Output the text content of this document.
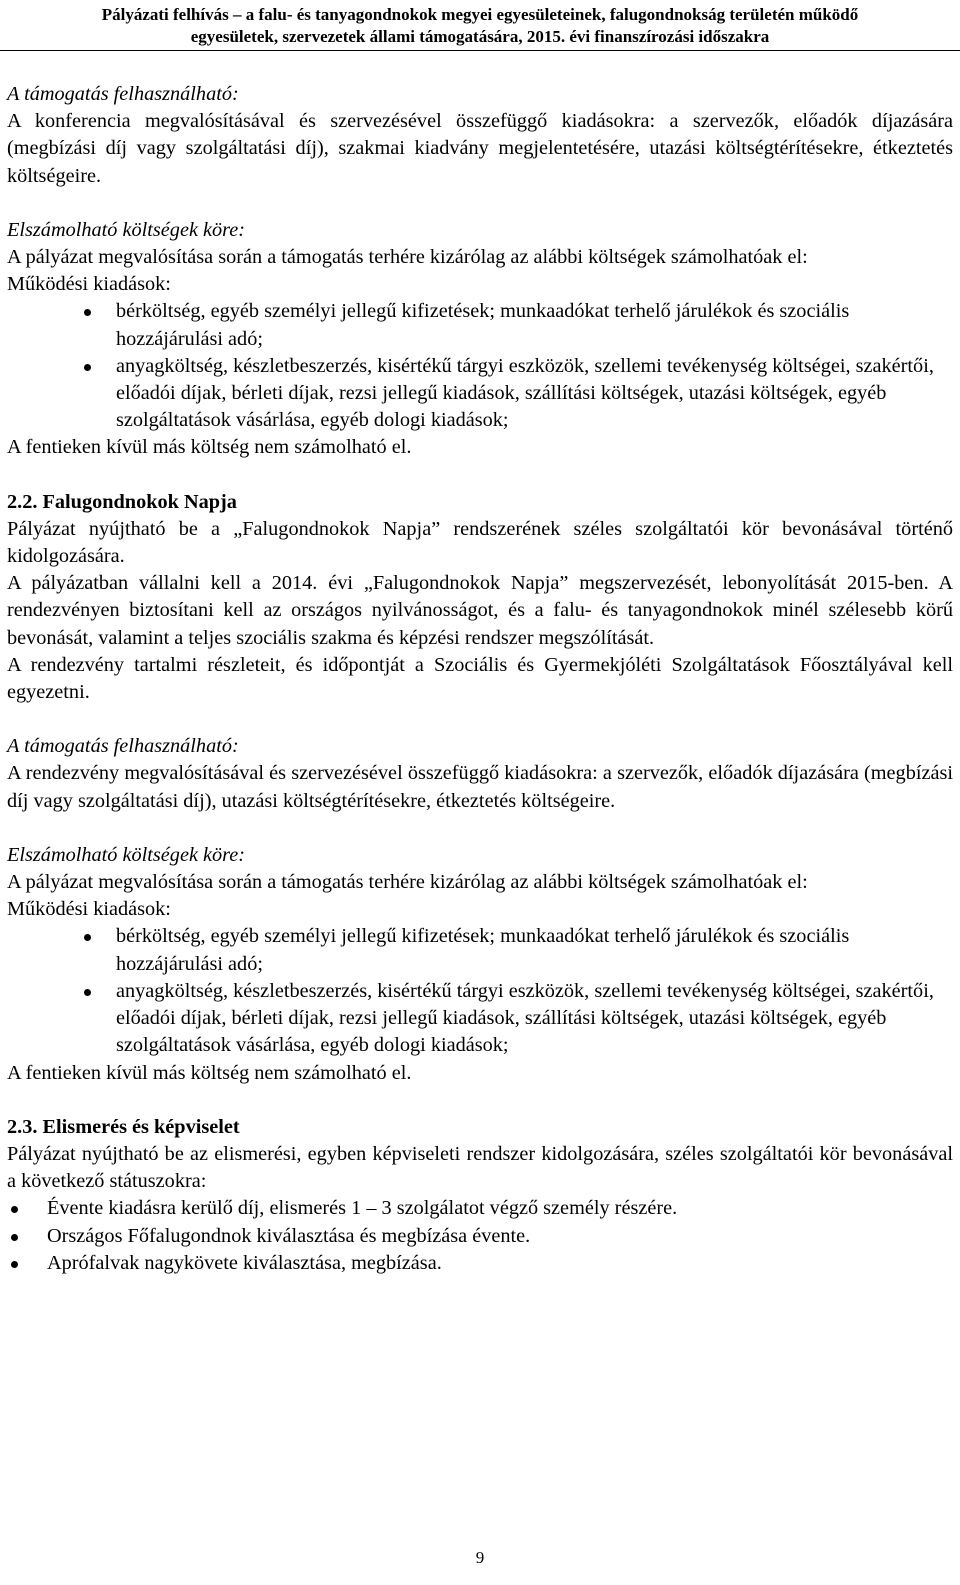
Pályázati felhívás – a falu- és tanyagondnokok megyei egyesületeinek, falugondnokság területén működő
egyesületek, szervezetek állami támogatására, 2015. évi finanszírozási időszakra

A támogatás felhasználható:

A konferencia megvalósításával és szervezésével összefüggő kiadásokra: a szervezők, előadók díjazására (megbízási díj vagy szolgáltatási díj), szakmai kiadvány megjelentetésére, utazási költségtérítésekre, étkeztetés költségeire.

Elszámolható költségek köre:

A pályázat megvalósítása során a támogatás terhére kizárólag az alábbi költségek számolhatóak el:

Működési kiadások:

bérköltség, egyéb személyi jellegű kifizetések; munkaadókat terhelő járulékok és szociális hozzájárulási adó;
anyagköltség, készletbeszerzés, kisértékű tárgyi eszközök, szellemi tevékenység költségei, szakértői, előadói díjak, bérleti díjak, rezsi jellegű kiadások, szállítási költségek, utazási költségek, egyéb szolgáltatások vásárlása, egyéb dologi kiadások;

A fentieken kívül más költség nem számolható el.

2.2. Falugondnokok Napja

Pályázat nyújtható be a „Falugondnokok Napja” rendszerének széles szolgáltatói kör bevonásával történő kidolgozására.

A pályázatban vállalni kell a 2014. évi „Falugondnokok Napja” megszervezését, lebonyolítását 2015-ben. A rendezvényen biztosítani kell az országos nyilvánosságot, és a falu- és tanyagondnokok minél szélesebb körű bevonását, valamint a teljes szociális szakma és képzési rendszer megszólítását.

A rendezvény tartalmi részleteit, és időpontját a Szociális és Gyermekjóléti Szolgáltatások Főosztályával kell egyezetni.

A támogatás felhasználható:

A rendezvény megvalósításával és szervezésével összefüggő kiadásokra: a szervezők, előadók díjazására (megbízási díj vagy szolgáltatási díj), utazási költségtérítésekre, étkeztetés költségeire.

Elszámolható költségek köre:

A pályázat megvalósítása során a támogatás terhére kizárólag az alábbi költségek számolhatóak el:

Működési kiadások:

bérköltség, egyéb személyi jellegű kifizetések; munkaadókat terhelő járulékok és szociális hozzájárulási adó;
anyagköltség, készletbeszerzés, kisértékű tárgyi eszközök, szellemi tevékenység költségei, szakértői, előadói díjak, bérleti díjak, rezsi jellegű kiadások, szállítási költségek, utazási költségek, egyéb szolgáltatások vásárlása, egyéb dologi kiadások;

A fentieken kívül más költség nem számolható el.

2.3. Elismerés és képviselet

Pályázat nyújtható be az elismerési, egyben képviseleti rendszer kidolgozására, széles szolgáltatói kör bevonásával a következő státuszokra:

Évente kiadásra kerülő díj, elismerés 1 – 3 szolgálatot végző személy részére.
Országos Főfalugondnok kiválasztása és megbízása évente.
Aprófalvak nagykövete kiválasztása, megbízása.
9
